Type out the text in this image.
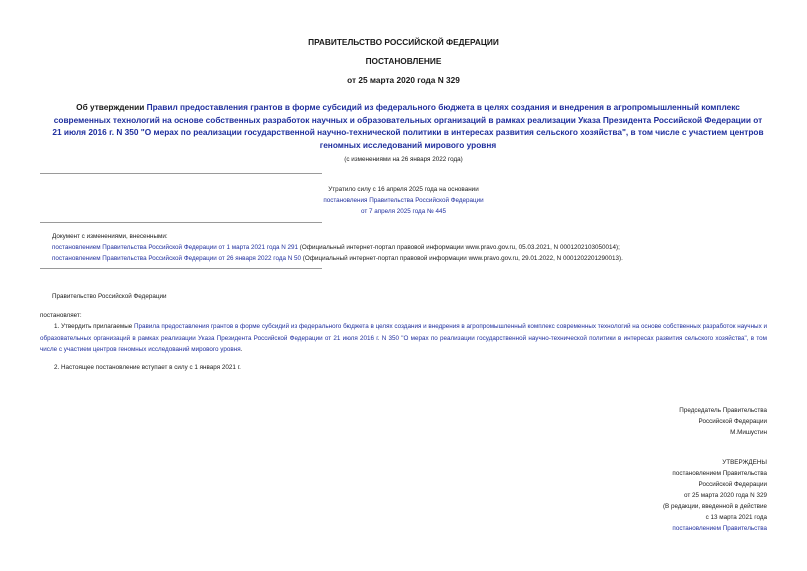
ПРАВИТЕЛЬСТВО РОССИЙСКОЙ ФЕДЕРАЦИИ
ПОСТАНОВЛЕНИЕ
от 25 марта 2020 года N 329
Об утверждении Правил предоставления грантов в форме субсидий из федерального бюджета в целях создания и внедрения в агропромышленный комплекс современных технологий на основе собственных разработок научных и образовательных организаций в рамках реализации Указа Президента Российской Федерации от 21 июля 2016 г. N 350 "О мерах по реализации государственной научно-технической политики в интересах развития сельского хозяйства", в том числе с участием центров геномных исследований мирового уровня
(с изменениями на 26 января 2022 года)
Утратило силу с 16 апреля 2025 года на основании
постановления Правительства Российской Федерации
от 7 апреля 2025 года № 445
Документ с изменениями, внесенными:
постановлением Правительства Российской Федерации от 1 марта 2021 года N 291 (Официальный интернет-портал правовой информации www.pravo.gov.ru, 05.03.2021, N 0001202103050014);
постановлением Правительства Российской Федерации от 26 января 2022 года N 50 (Официальный интернет-портал правовой информации www.pravo.gov.ru, 29.01.2022, N 0001202201290013).
Правительство Российской Федерации
постановляет:
1. Утвердить прилагаемые Правила предоставления грантов в форме субсидий из федерального бюджета в целях создания и внедрения в агропромышленный комплекс современных технологий на основе собственных разработок научных и образовательных организаций в рамках реализации Указа Президента Российской Федерации от 21 июля 2016 г. N 350 "О мерах по реализации государственной научно-технической политики в интересах развития сельского хозяйства", в том числе с участием центров геномных исследований мирового уровня.
2. Настоящее постановление вступает в силу с 1 января 2021 г.
Председатель Правительства
Российской Федерации
М.Мишустин
УТВЕРЖДЕНЫ
постановлением Правительства
Российской Федерации
от 25 марта 2020 года N 329
(В редакции, введенной в действие
с 13 марта 2021 года
постановлением Правительства
